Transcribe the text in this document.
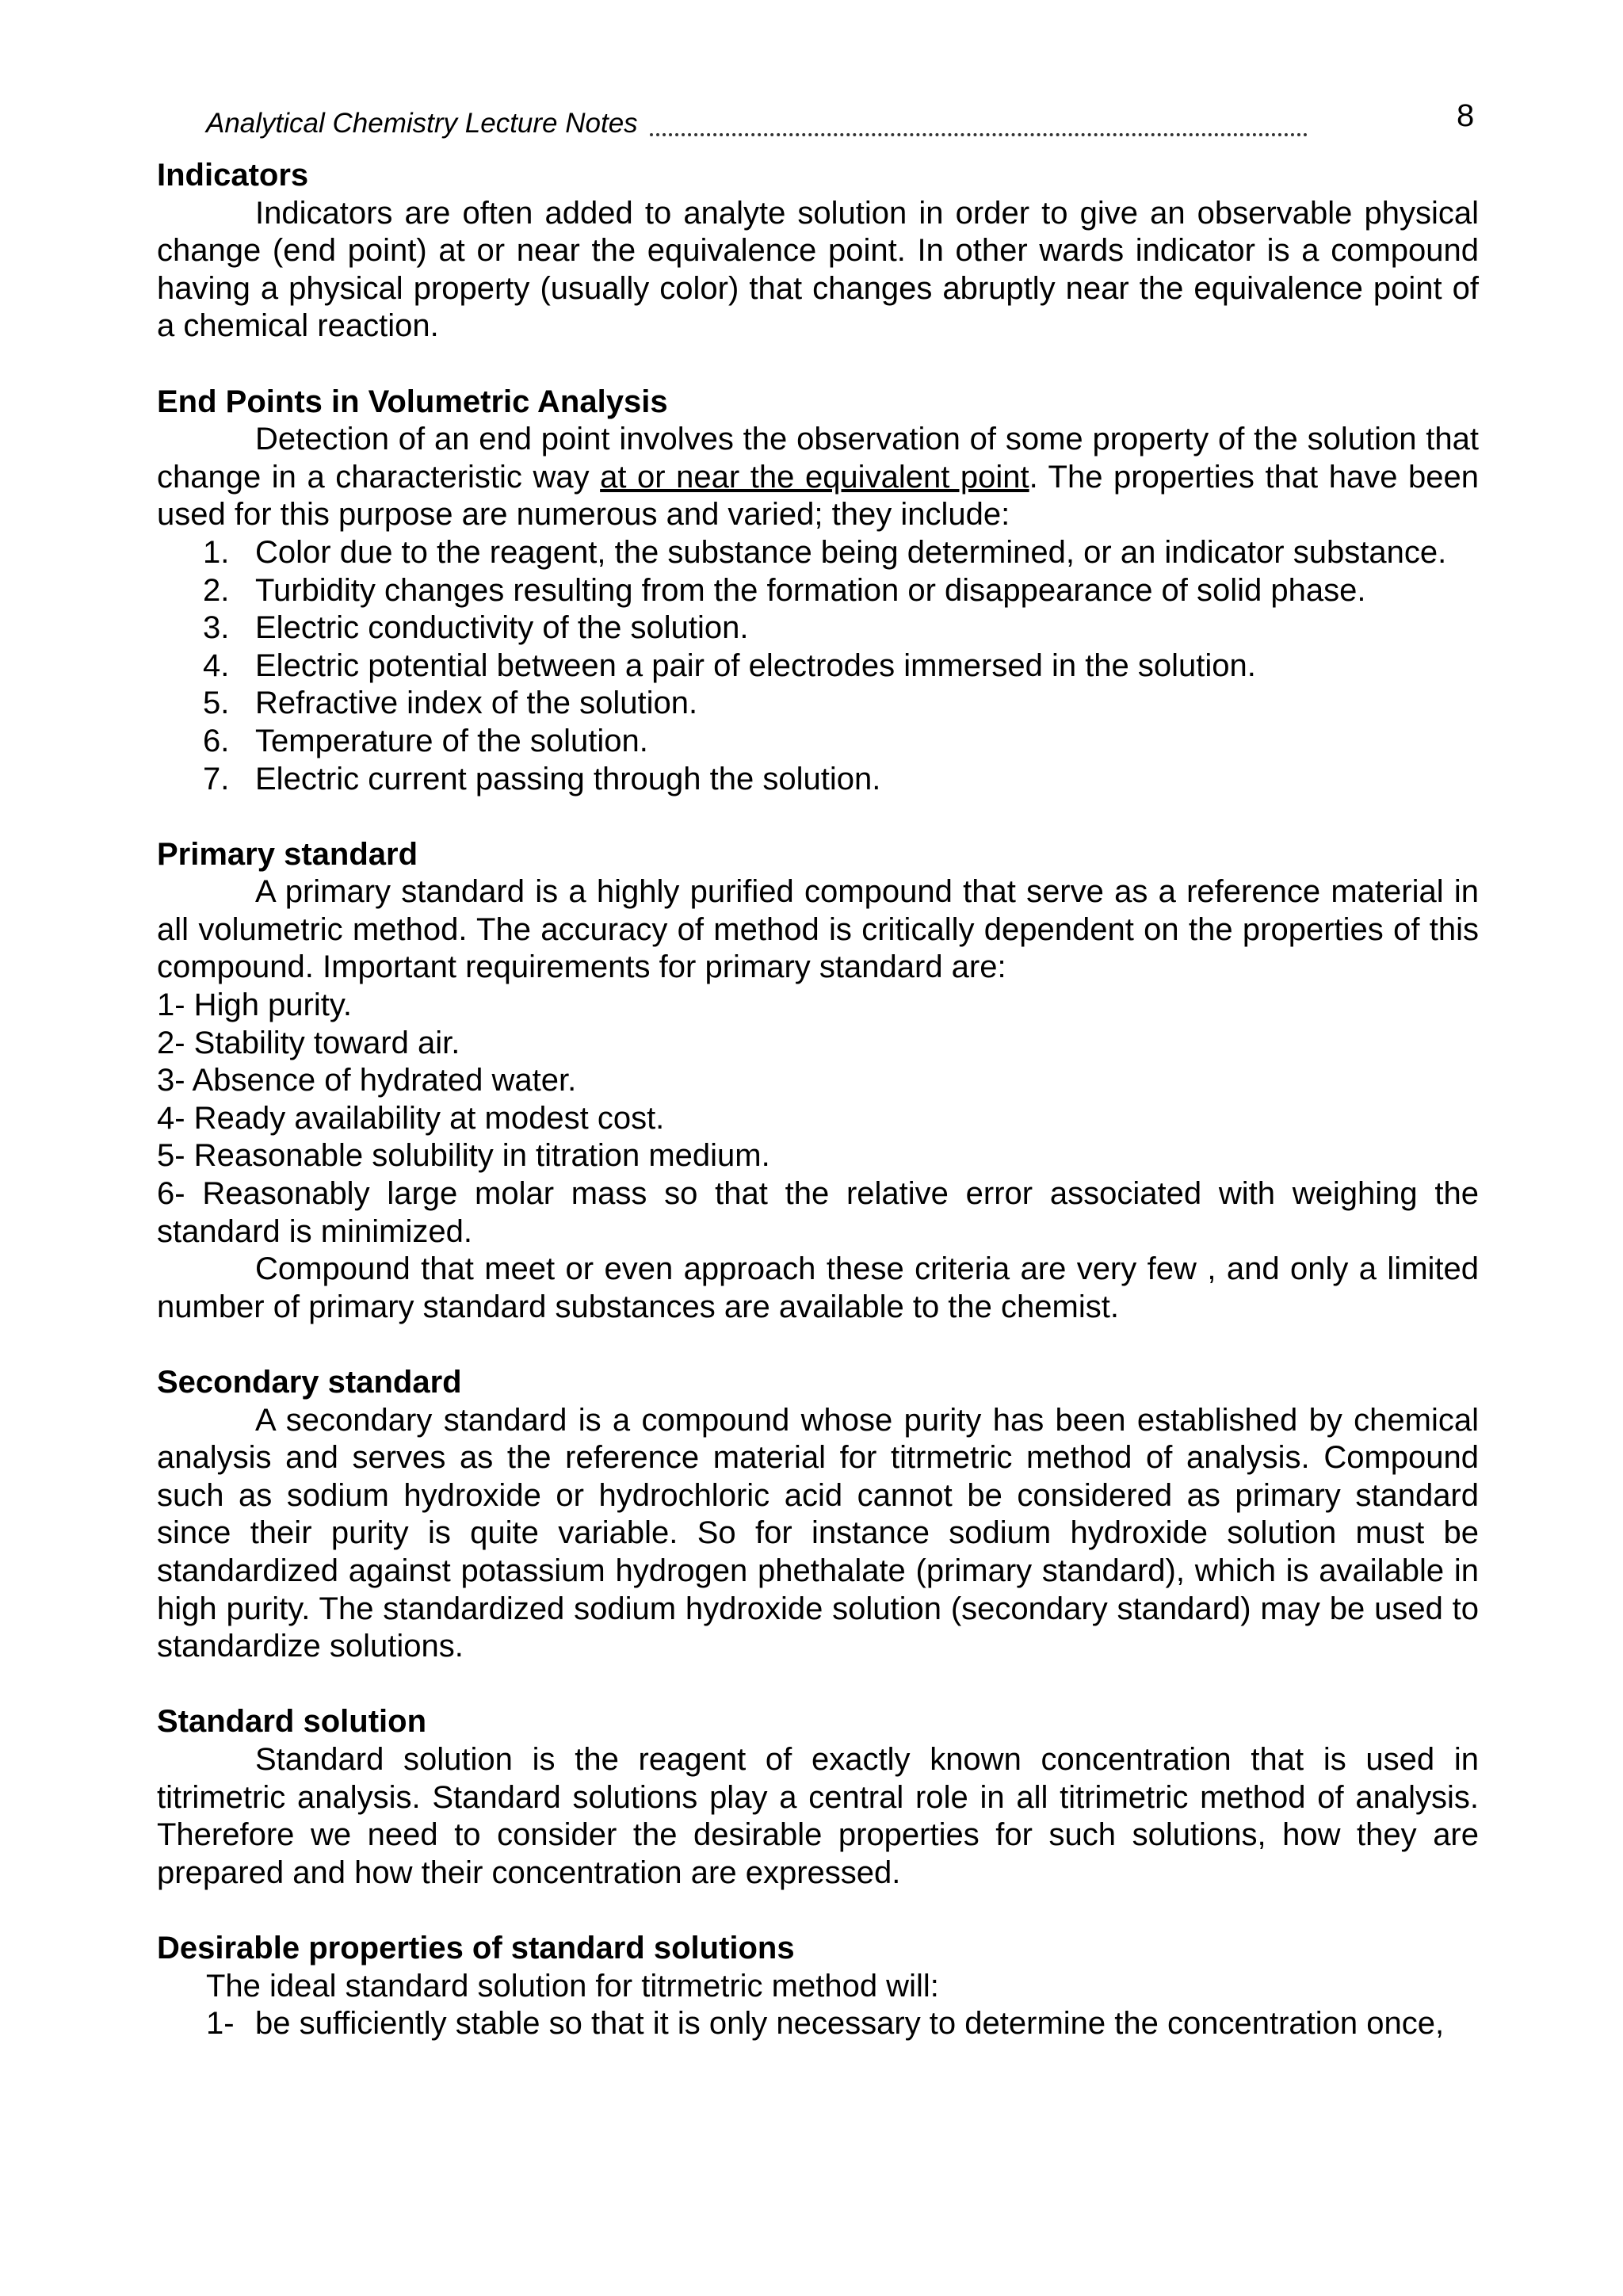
Analytical Chemistry Lecture Notes	8

Indicators

Indicators are often added to analyte solution in order to give an observable physical change (end point) at or near the equivalence point. In other wards indicator is a compound having a physical property (usually color) that changes abruptly near the equivalence point of a chemical reaction.

End Points in Volumetric Analysis

Detection of an end point involves the observation of some property of the solution that change in a characteristic way at or near the equivalent point. The properties that have been used for this purpose are numerous and varied; they include:

1. Color due to the reagent, the substance being determined, or an indicator substance.
2. Turbidity changes resulting from the formation or disappearance of solid phase.
3. Electric conductivity of the solution.
4. Electric potential between a pair of electrodes immersed in the solution.
5. Refractive index of the solution.
6. Temperature of the solution.
7. Electric current passing through the solution.

Primary standard

A primary standard is a highly purified compound that serve as a reference material in all volumetric method. The accuracy of method is critically dependent on the properties of this compound. Important requirements for primary standard are:

1- High purity.

2- Stability toward air.

3- Absence of hydrated water.

4- Ready availability at modest cost.

5- Reasonable solubility in titration medium.

6- Reasonably large molar mass so that the relative error associated with weighing the standard is minimized.

Compound that meet or even approach these criteria are very few , and only a limited number of primary standard substances are available to the chemist.

Secondary standard

A secondary standard is a compound whose purity has been established by chemical analysis and serves as the reference material for titrmetric method of analysis. Compound such as sodium hydroxide or hydrochloric acid cannot be considered as primary standard since their purity is quite variable. So for instance sodium hydroxide solution must be standardized against potassium hydrogen phethalate (primary standard), which is available in high purity. The standardized sodium hydroxide solution (secondary standard) may be used to standardize solutions.

Standard solution

Standard solution is the reagent of exactly known concentration that is used in titrimetric analysis. Standard solutions play a central role in all titrimetric method of analysis. Therefore we need to consider the desirable properties for such solutions, how they are prepared and how their concentration are expressed.

Desirable properties of standard solutions

The ideal standard solution for titrmetric method will:

1- be sufficiently stable so that it is only necessary to determine the concentration once,
